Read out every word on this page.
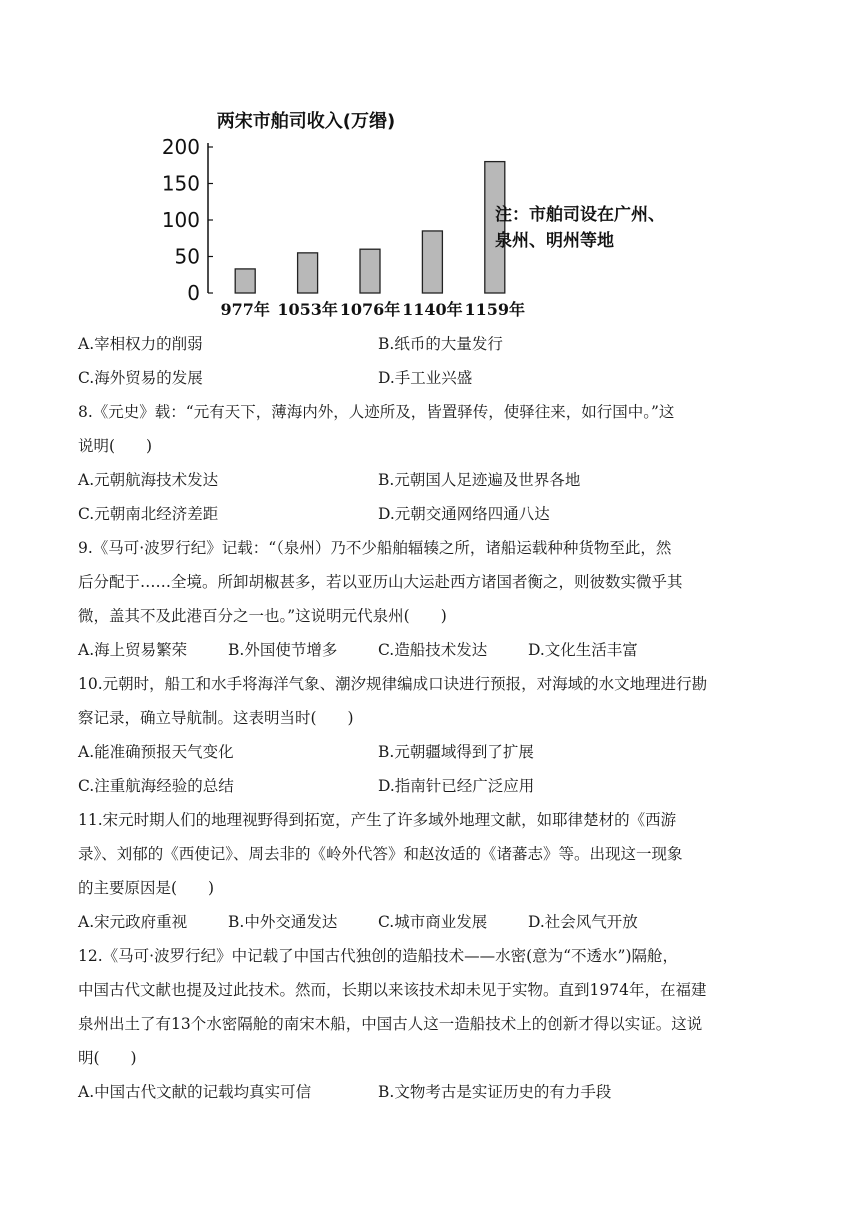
两宋市舶司收入(万缗)
0
50
100
150
200
977年 1053年 1076年 1140年 1159年
注：市舶司设在广州、
泉州、明州等地
A.宰相权力的削弱	B.纸币的大量发行
C.海外贸易的发展	D.手工业兴盛
8.《元史》载：“元有天下，薄海内外，人迹所及，皆置驿传，使驿往来，如行国中。”这
说明(　　)
A.元朝航海技术发达	B.元朝国人足迹遍及世界各地
C.元朝南北经济差距	D.元朝交通网络四通八达
9.《马可·波罗行纪》记载：“（泉州）乃不少船舶辐辏之所，诸船运载种种货物至此，然
后分配于……全境。所卸胡椒甚多，若以亚历山大运赴西方诸国者衡之，则彼数实微乎其
微，盖其不及此港百分之一也。”这说明元代泉州(　　)
A.海上贸易繁荣	B.外国使节增多	C.造船技术发达	D.文化生活丰富
10.元朝时，船工和水手将海洋气象、潮汐规律编成口诀进行预报，对海域的水文地理进行勘
察记录，确立导航制。这表明当时(　　)
A.能准确预报天气变化	B.元朝疆域得到了扩展
C.注重航海经验的总结	D.指南针已经广泛应用
11.宋元时期人们的地理视野得到拓宽，产生了许多域外地理文献，如耶律楚材的《西游
录》、刘郁的《西使记》、周去非的《岭外代答》和赵汝适的《诸蕃志》等。出现这一现象
的主要原因是(　　)
A.宋元政府重视	B.中外交通发达	C.城市商业发展	D.社会风气开放
12.《马可·波罗行纪》中记载了中国古代独创的造船技术——水密(意为“不透水”)隔舱，
中国古代文献也提及过此技术。然而，长期以来该技术却未见于实物。直到1974年，在福建
泉州出土了有13个水密隔舱的南宋木船，中国古人这一造船技术上的创新才得以实证。这说
明(　　)
A.中国古代文献的记载均真实可信	B.文物考古是实证历史的有力手段
